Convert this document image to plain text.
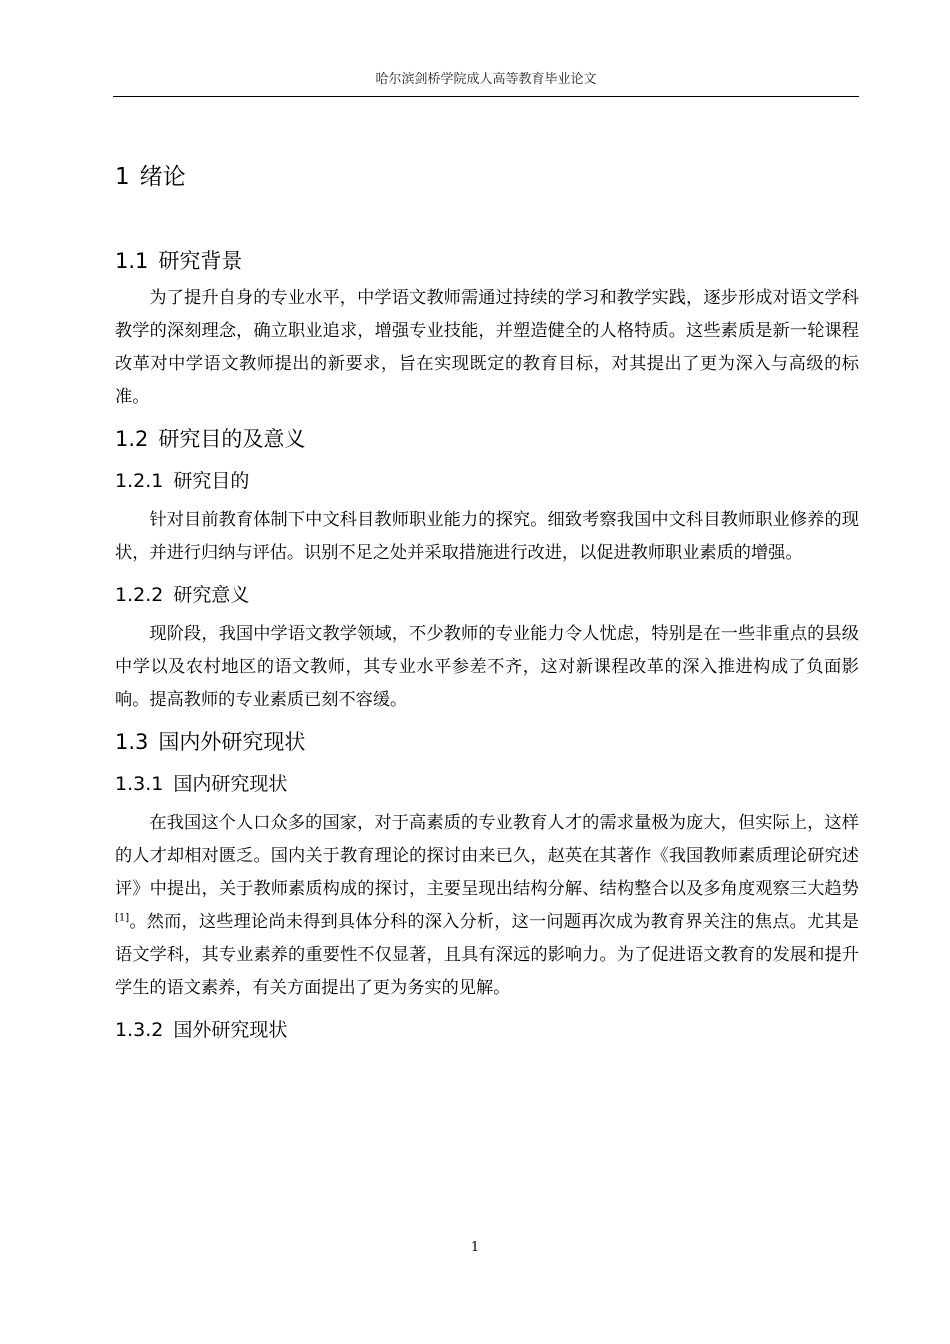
哈尔滨剑桥学院成人高等教育毕业论文
1 绪论
1.1 研究背景

为了提升自身的专业水平，中学语文教师需通过持续的学习和教学实践，逐步形成对语文学科教学的深刻理念，确立职业追求，增强专业技能，并塑造健全的人格特质。这些素质是新一轮课程改革对中学语文教师提出的新要求，旨在实现既定的教育目标，对其提出了更为深入与高级的标准。

1.2 研究目的及意义
1.2.1 研究目的

针对目前教育体制下中文科目教师职业能力的探究。细致考察我国中文科目教师职业修养的现状，并进行归纳与评估。识别不足之处并采取措施进行改进，以促进教师职业素质的增强。

1.2.2 研究意义

现阶段，我国中学语文教学领域，不少教师的专业能力令人忧虑，特别是在一些非重点的县级中学以及农村地区的语文教师，其专业水平参差不齐，这对新课程改革的深入推进构成了负面影响。提高教师的专业素质已刻不容缓。

1.3 国内外研究现状
1.3.1 国内研究现状

在我国这个人口众多的国家，对于高素质的专业教育人才的需求量极为庞大，但实际上，这样的人才却相对匮乏。国内关于教育理论的探讨由来已久，赵英在其著作《我国教师素质理论研究述评》中提出，关于教师素质构成的探讨，主要呈现出结构分解、结构整合以及多角度观察三大趋势[1]。然而，这些理论尚未得到具体分科的深入分析，这一问题再次成为教育界关注的焦点。尤其是语文学科，其专业素养的重要性不仅显著，且具有深远的影响力。为了促进语文教育的发展和提升学生的语文素养，有关方面提出了更为务实的见解。

1.3.2 国外研究现状
1
